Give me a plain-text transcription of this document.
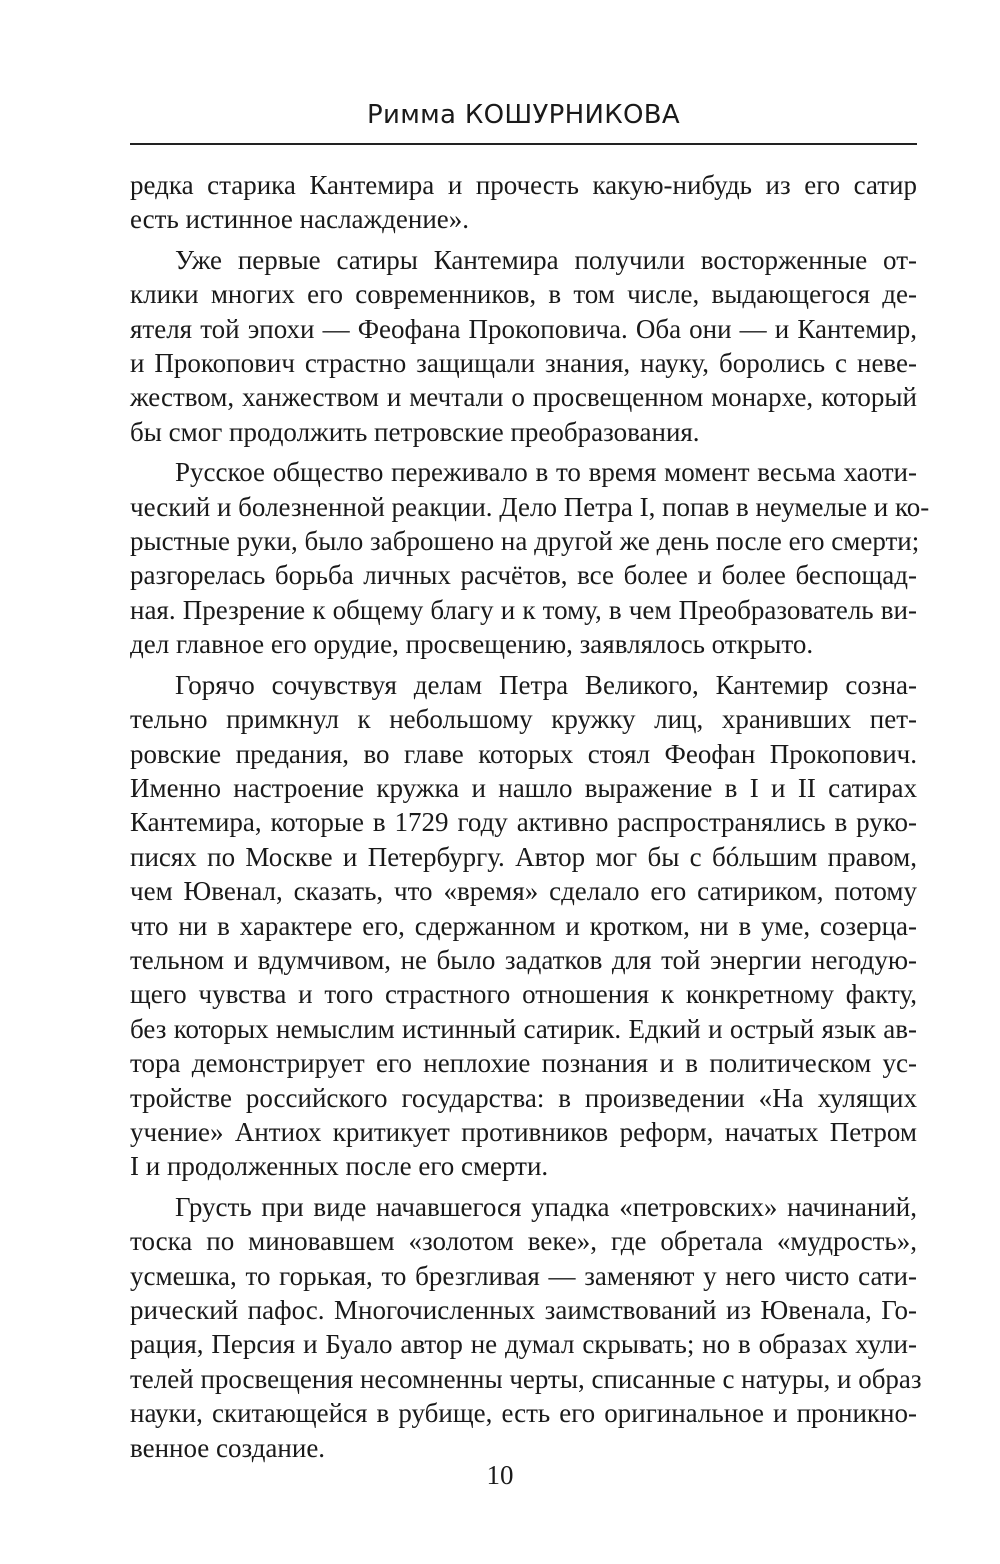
Римма КОШУРНИКОВА
редка старика Кантемира и прочесть какую-нибудь из его сатир
есть истинное наслаждение».
Уже первые сатиры Кантемира получили восторженные от-
клики многих его современников, в том числе, выдающегося де-
ятеля той эпохи — Феофана Прокоповича. Оба они — и Кантемир,
и Прокопович страстно защищали знания, науку, боролись с неве-
жеством, ханжеством и мечтали о просвещенном монархе, который
бы смог продолжить петровские преобразования.
Русское общество переживало в то время момент весьма хаоти-
ческий и болезненной реакции. Дело Петра I, попав в неумелые и ко-
рыстные руки, было заброшено на другой же день после его смерти;
разгорелась борьба личных расчётов, все более и более беспощад-
ная. Презрение к общему благу и к тому, в чем Преобразователь ви-
дел главное его орудие, просвещению, заявлялось открыто.
Горячо сочувствуя делам Петра Великого, Кантемир созна-
тельно примкнул к небольшому кружку лиц, хранивших пет-
ровские предания, во главе которых стоял Феофан Прокопович.
Именно настроение кружка и нашло выражение в I и II сатирах
Кантемира, которые в 1729 году активно распространялись в руко-
писях по Москве и Петербургу. Автор мог бы с бóльшим правом,
чем Ювенал, сказать, что «время» сделало его сатириком, потому
что ни в характере его, сдержанном и кротком, ни в уме, созерца-
тельном и вдумчивом, не было задатков для той энергии негодую-
щего чувства и того страстного отношения к конкретному факту,
без которых немыслим истинный сатирик. Едкий и острый язык ав-
тора демонстрирует его неплохие познания и в политическом ус-
тройстве российского государства: в произведении «На хулящих
учение» Антиох критикует противников реформ, начатых Петром
I и продолженных после его смерти.
Грусть при виде начавшегося упадка «петровских» начинаний,
тоска по миновавшем «золотом веке», где обретала «мудрость»,
усмешка, то горькая, то брезгливая — заменяют у него чисто сати-
рический пафос. Многочисленных заимствований из Ювенала, Го-
рация, Персия и Буало автор не думал скрывать; но в образах хули-
телей просвещения несомненны черты, списанные с натуры, и образ
науки, скитающейся в рубище, есть его оригинальное и проникно-
венное создание.
10
